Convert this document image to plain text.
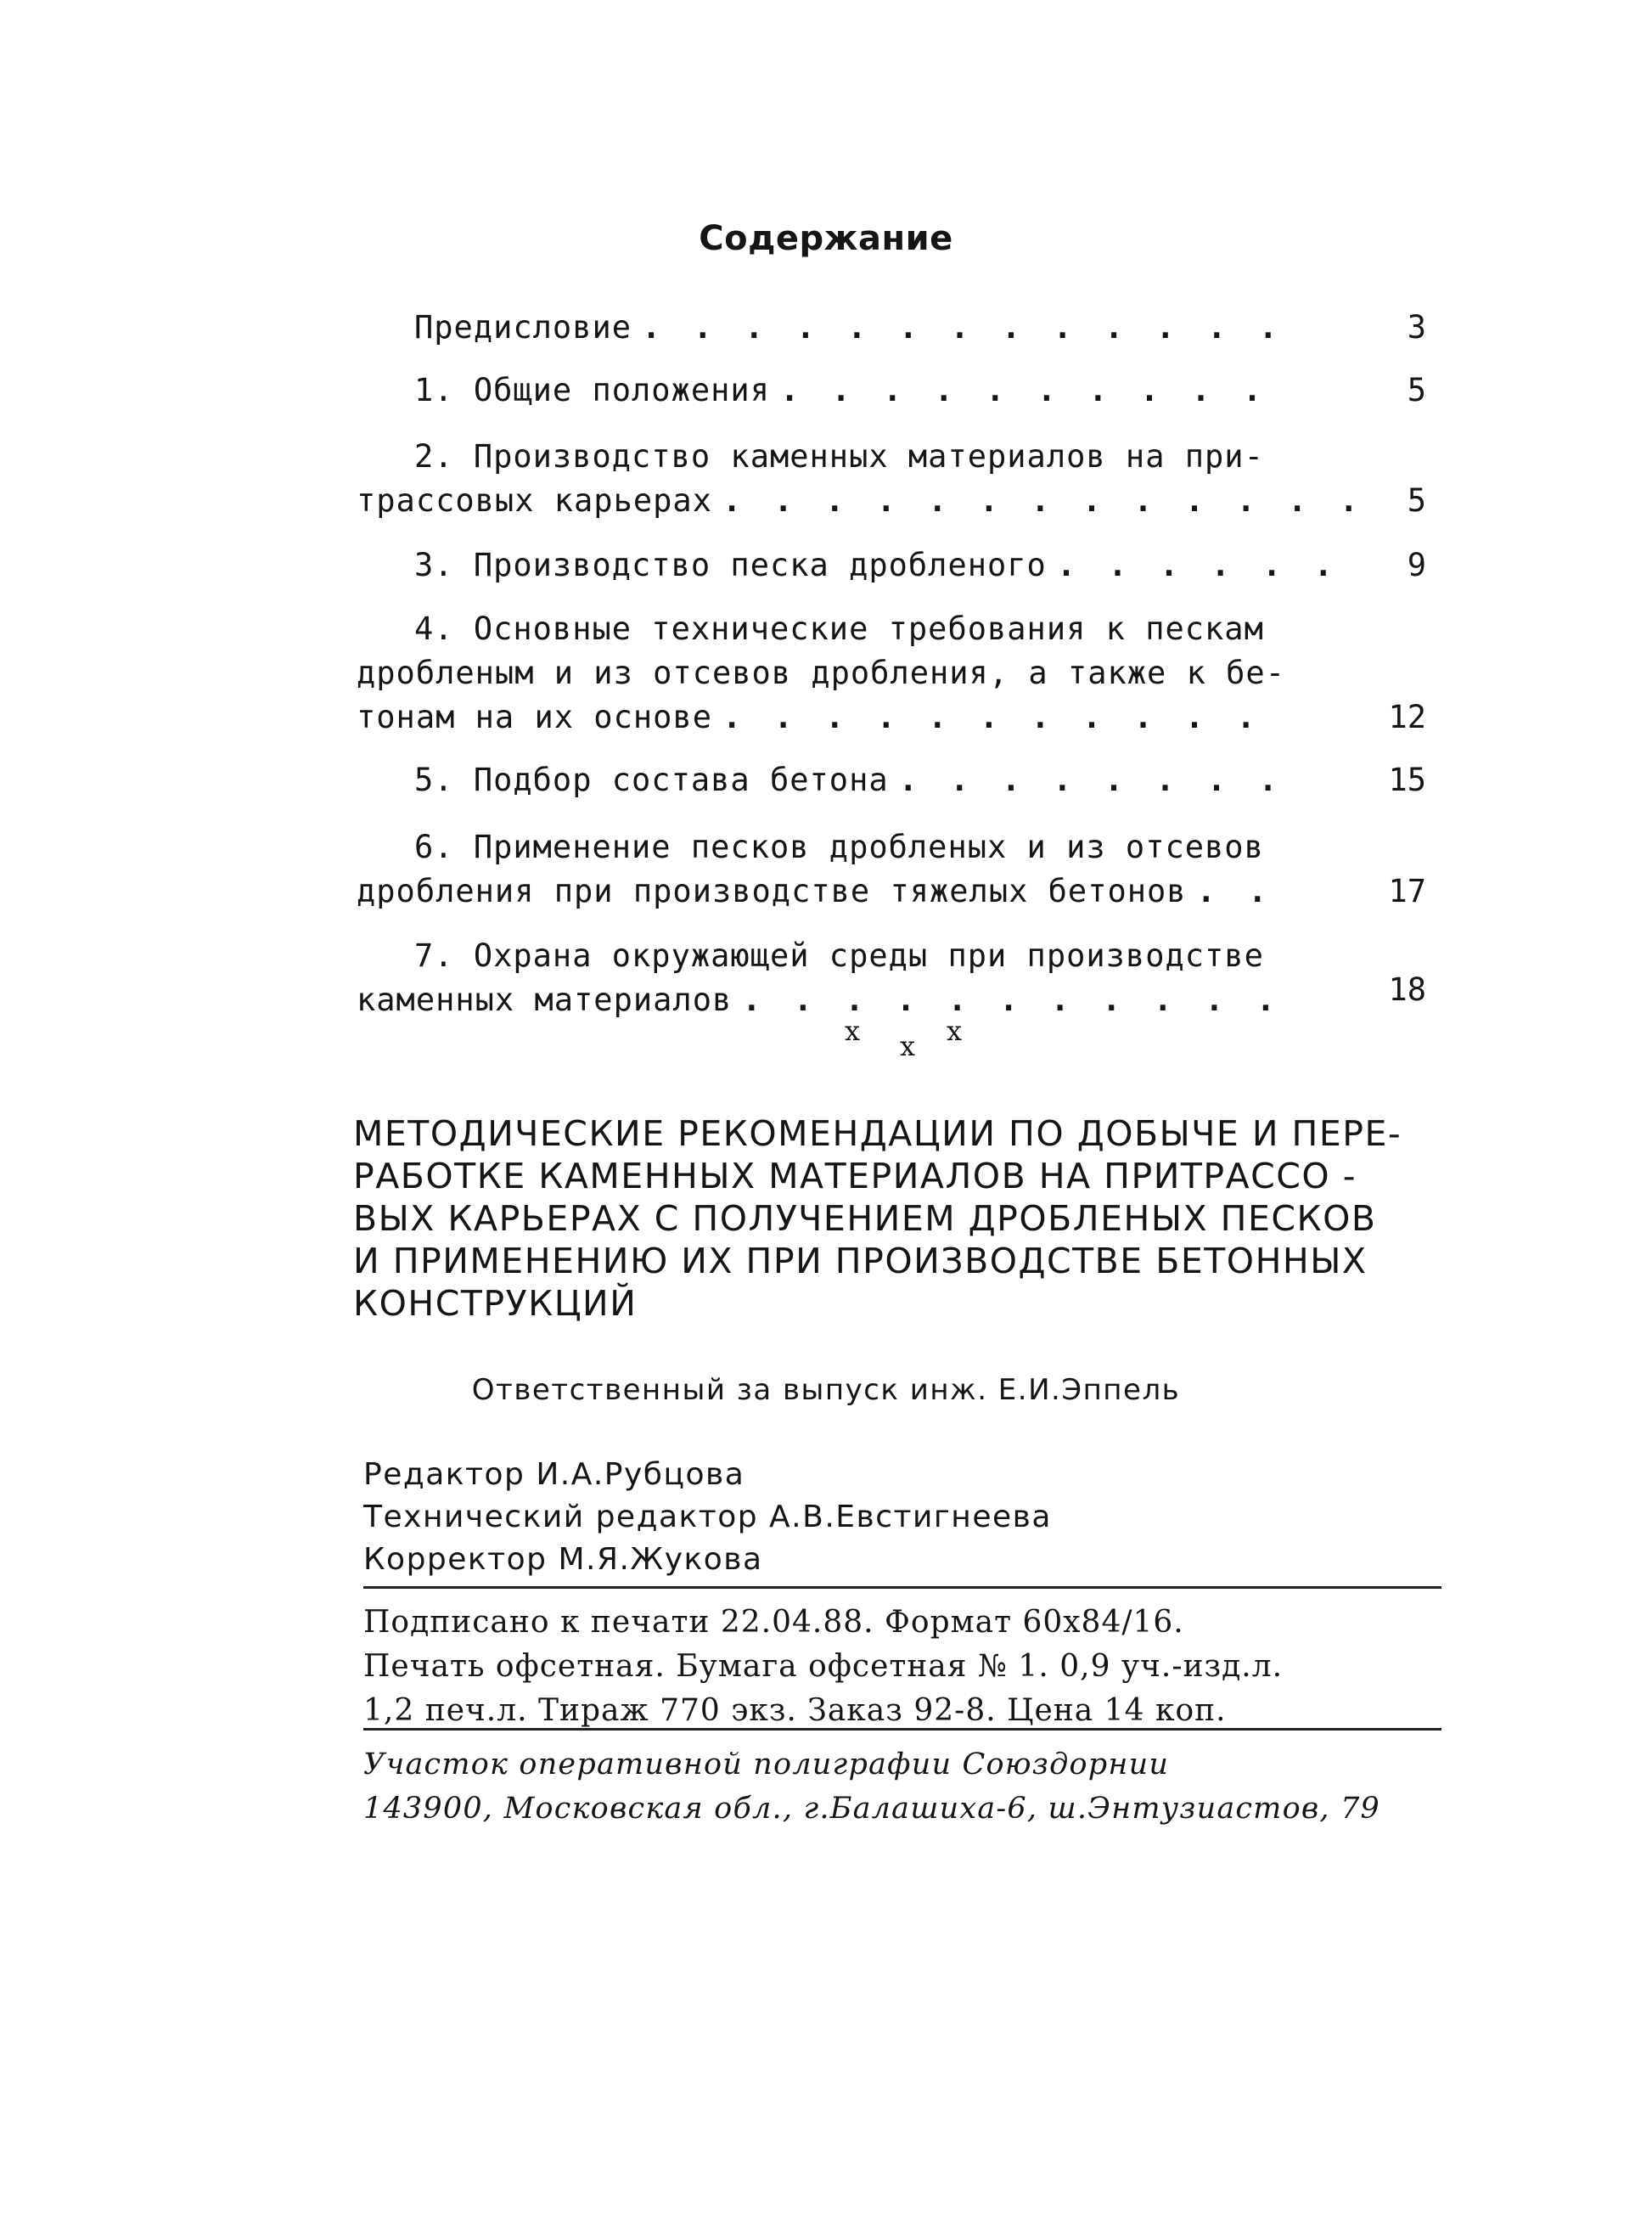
Содержание
Предисловие . . .	3
1. Общие положения . . .	5
2. Производство каменных материалов на при-
трассовых карьерах . . .	5
3. Производство песка дробленого . . .	9
4. Основные технические требования к пескам
дробленым и из отсевов дробления, а также к бе-
тонам на их основе . . .	12
5. Подбор состава бетона . . .	15
6. Применение песков дробленых и из отсевов
дробления при производстве тяжелых бетонов . . .	17
7. Охрана окружающей среды при производстве
каменных материалов . . .	18
x x x
МЕТОДИЧЕСКИЕ РЕКОМЕНДАЦИИ ПО ДОБЫЧЕ И ПЕРЕ-
РАБОТКЕ КАМЕННЫХ МАТЕРИАЛОВ НА ПРИТРАССО -
ВЫХ КАРЬЕРАХ С ПОЛУЧЕНИЕМ ДРОБЛЕНЫХ ПЕСКОВ
И ПРИМЕНЕНИЮ ИХ ПРИ ПРОИЗВОДСТВЕ БЕТОННЫХ
КОНСТРУКЦИЙ
Ответственный за выпуск инж. Е.И.Эппель
Редактор И.А.Рубцова
Технический редактор А.В.Евстигнеева
Корректор М.Я.Жукова
Подписано к печати 22.04.88. Формат 60х84/16.
Печать офсетная. Бумага офсетная № 1. 0,9 уч.-изд.л.
1,2 печ.л. Тираж 770 экз. Заказ 92-8. Цена 14 коп.
Участок оперативной полиграфии Союздорнии
143900, Московская обл., г.Балашиха-6, ш.Энтузиастов, 79
